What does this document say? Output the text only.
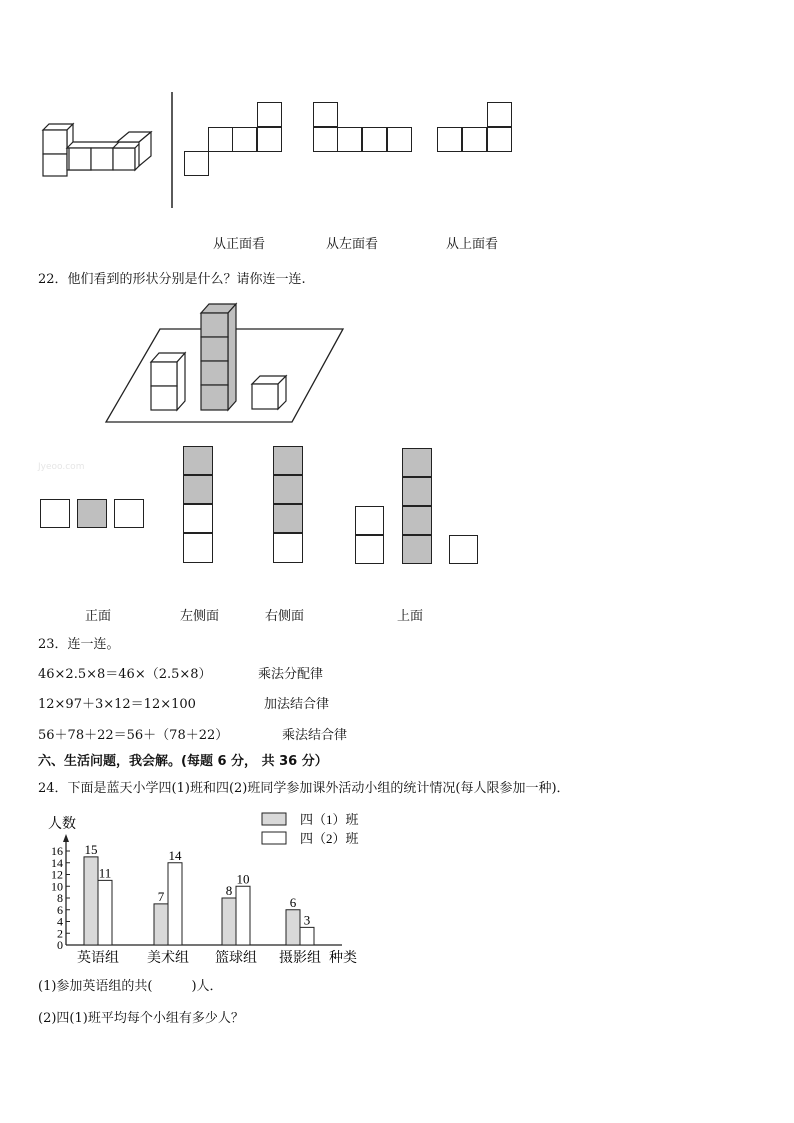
从正面看	从左面看	从上面看
22．他们看到的形状分别是什么？请你连一连.
Jyeoo.com
正面	左侧面	右侧面	上面
23．连一连。
46×2.5×8＝46×（2.5×8）	乘法分配律
12×97＋3×12＝12×100	加法结合律
56＋78＋22＝56＋（78＋22）	乘法结合律
六、生活问题，我会解。(每题 6 分， 共 36 分）
24．下面是蓝天小学四(1)班和四(2)班同学参加课外活动小组的统计情况(每人限参加一种)．
0
2
4
6
8
10
12
14
16
人数
种类
15
11
英语组
7
14
美术组
8
10
篮球组
6
3
摄影组
四（1）班
四（2）班
(1)参加英语组的共(　　　)人．
(2)四(1)班平均每个小组有多少人？
